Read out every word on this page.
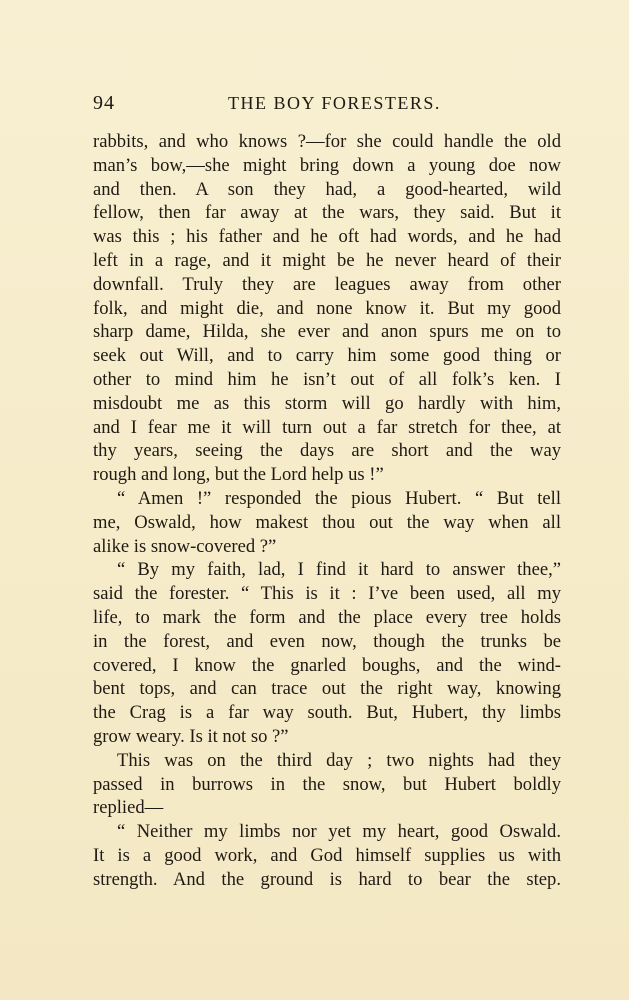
94	THE BOY FORESTERS.
rabbits, and who knows ?—for she could handle the old
man’s bow,—she might bring down a young doe now
and then. A son they had, a good-hearted, wild
fellow, then far away at the wars, they said. But it
was this ; his father and he oft had words, and he had
left in a rage, and it might be he never heard of their
downfall. Truly they are leagues away from other
folk, and might die, and none know it. But my good
sharp dame, Hilda, she ever and anon spurs me on to
seek out Will, and to carry him some good thing or
other to mind him he isn’t out of all folk’s ken. I
misdoubt me as this storm will go hardly with him,
and I fear me it will turn out a far stretch for thee, at
thy years, seeing the days are short and the way
rough and long, but the Lord help us !”
“ Amen !” responded the pious Hubert. “ But tell
me, Oswald, how makest thou out the way when all
alike is snow-covered ?”
“ By my faith, lad, I find it hard to answer thee,”
said the forester. “ This is it : I’ve been used, all my
life, to mark the form and the place every tree holds
in the forest, and even now, though the trunks be
covered, I know the gnarled boughs, and the wind-
bent tops, and can trace out the right way, knowing
the Crag is a far way south. But, Hubert, thy limbs
grow weary. Is it not so ?”
This was on the third day ; two nights had they
passed in burrows in the snow, but Hubert boldly
replied—
“ Neither my limbs nor yet my heart, good Oswald.
It is a good work, and God himself supplies us with
strength. And the ground is hard to bear the step.
